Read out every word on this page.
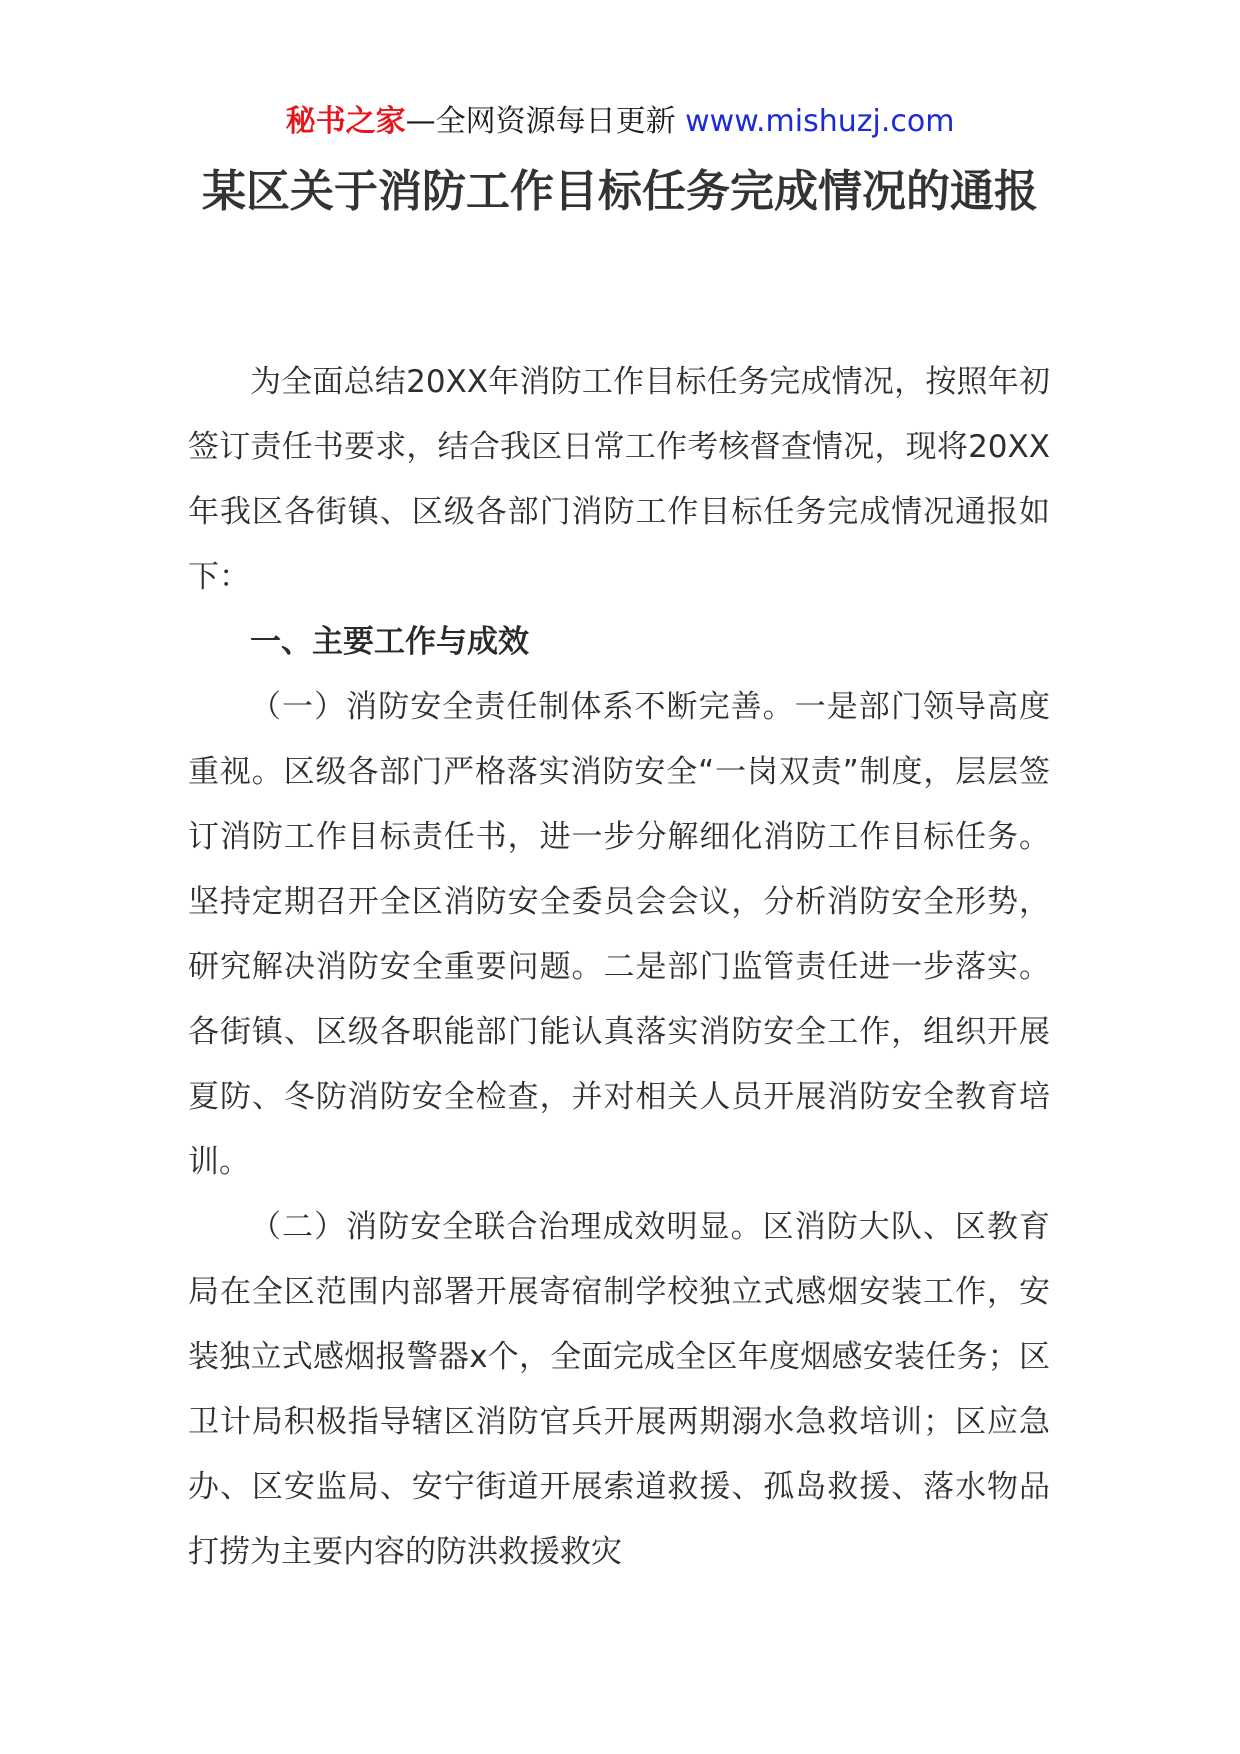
秘书之家—全网资源每日更新 www.mishuzj.com
某区关于消防工作目标任务完成情况的通报

为全面总结20XX年消防工作目标任务完成情况，按照年初签订责任书要求，结合我区日常工作考核督查情况，现将20XX年我区各街镇、区级各部门消防工作目标任务完成情况通报如下：

一、主要工作与成效

（一）消防安全责任制体系不断完善。一是部门领导高度重视。区级各部门严格落实消防安全“一岗双责”制度，层层签订消防工作目标责任书，进一步分解细化消防工作目标任务。坚持定期召开全区消防安全委员会会议，分析消防安全形势，研究解决消防安全重要问题。二是部门监管责任进一步落实。各街镇、区级各职能部门能认真落实消防安全工作，组织开展夏防、冬防消防安全检查，并对相关人员开展消防安全教育培训。

（二）消防安全联合治理成效明显。区消防大队、区教育局在全区范围内部署开展寄宿制学校独立式感烟安装工作，安装独立式感烟报警器x个，全面完成全区年度烟感安装任务；区卫计局积极指导辖区消防官兵开展两期溺水急救培训；区应急办、区安监局、安宁街道开展索道救援、孤岛救援、落水物品打捞为主要内容的防洪救援救灾
